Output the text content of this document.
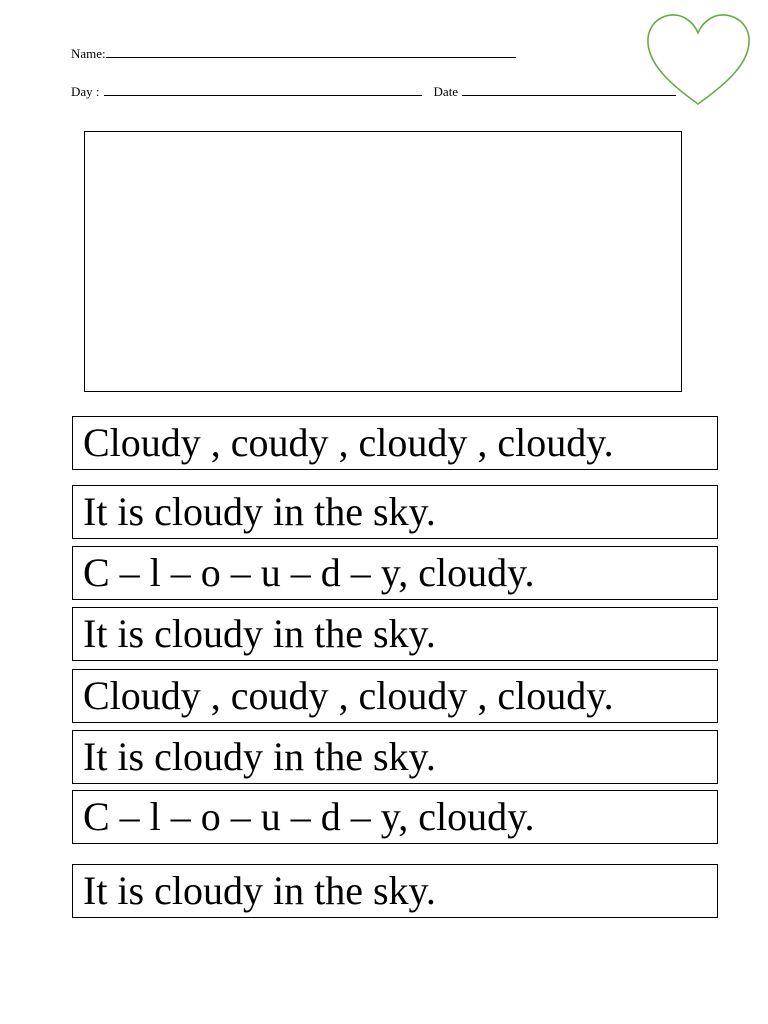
Name:
Day :	Date
Cloudy , coudy , cloudy , cloudy.
It is cloudy in the sky.
C – l – o – u – d – y, cloudy.
It is cloudy in the sky.
Cloudy , coudy , cloudy , cloudy.
It is cloudy in the sky.
C – l – o – u – d – y, cloudy.
It is cloudy in the sky.
